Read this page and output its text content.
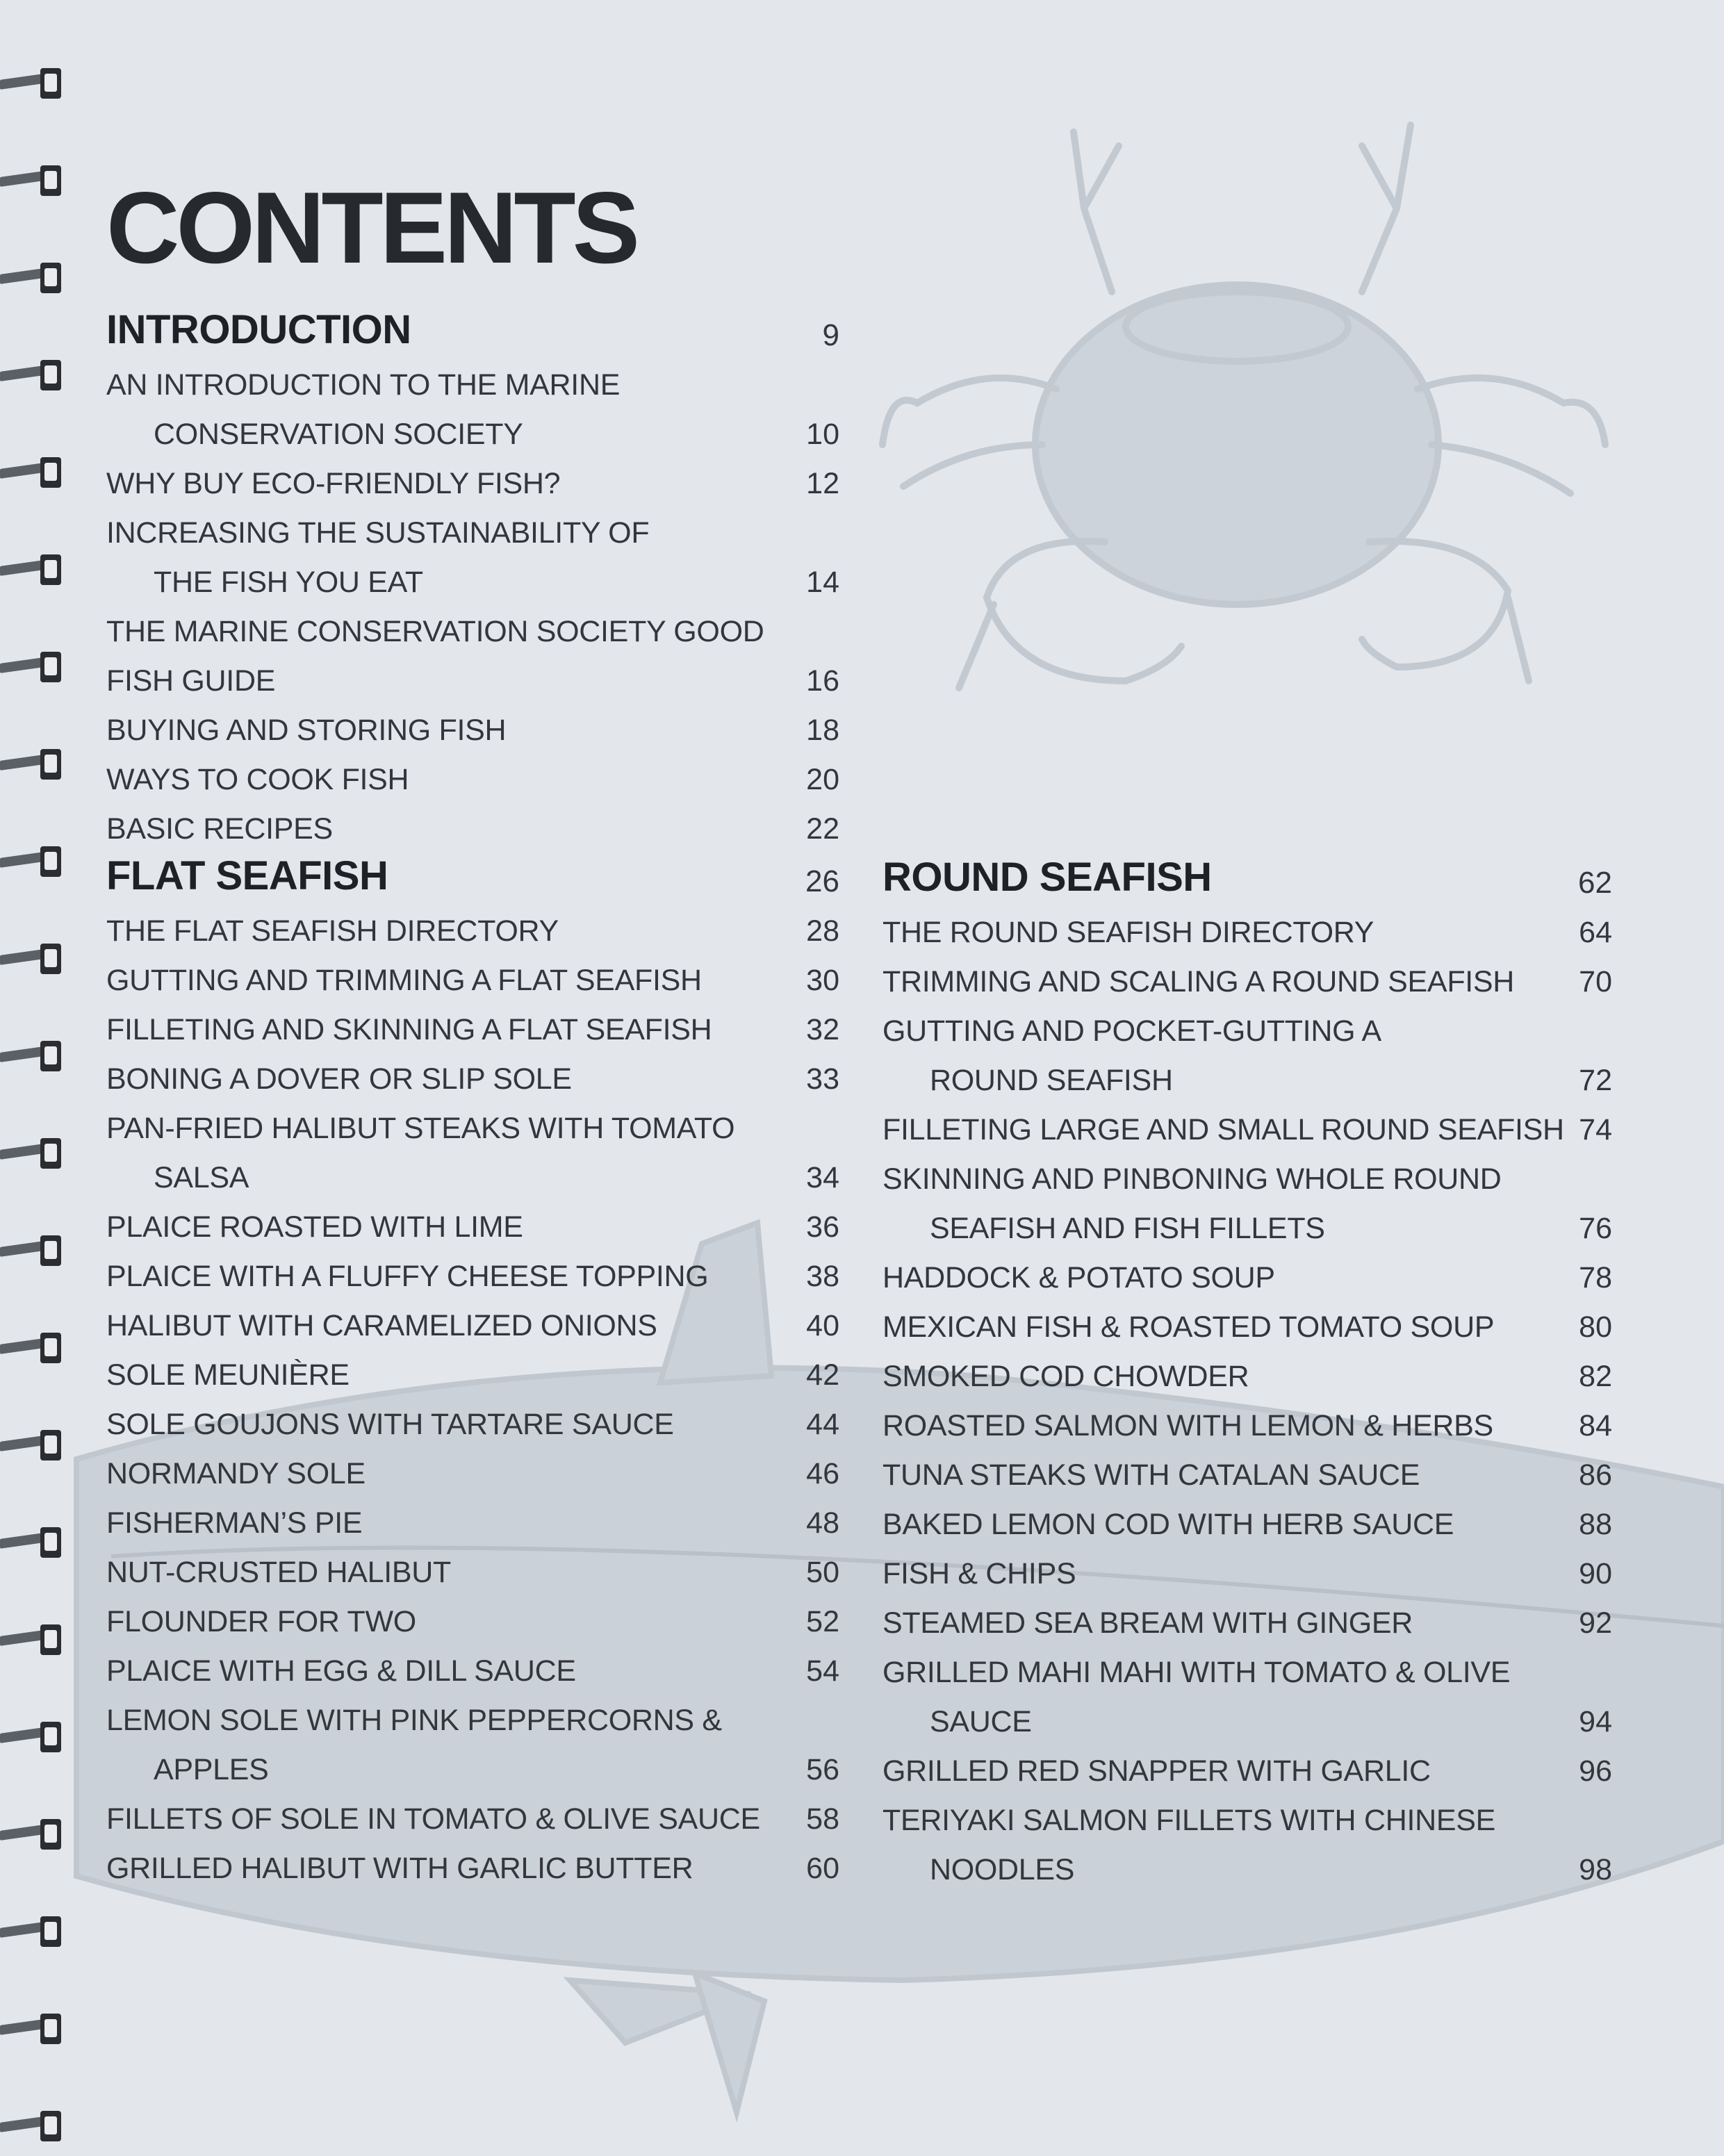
CONTENTS
INTRODUCTION	9
AN INTRODUCTION TO THE MARINE
CONSERVATION SOCIETY	10
WHY BUY ECO-FRIENDLY FISH?	12
INCREASING THE SUSTAINABILITY OF
THE FISH YOU EAT	14
THE MARINE CONSERVATION SOCIETY GOOD
FISH GUIDE	16
BUYING AND STORING FISH	18
WAYS TO COOK FISH	20
BASIC RECIPES	22
FLAT SEAFISH	26
THE FLAT SEAFISH DIRECTORY	28
GUTTING AND TRIMMING A FLAT SEAFISH	30
FILLETING AND SKINNING A FLAT SEAFISH	32
BONING A DOVER OR SLIP SOLE	33
PAN-FRIED HALIBUT STEAKS WITH TOMATO
SALSA	34
PLAICE ROASTED WITH LIME	36
PLAICE WITH A FLUFFY CHEESE TOPPING	38
HALIBUT WITH CARAMELIZED ONIONS	40
SOLE MEUNIÈRE	42
SOLE GOUJONS WITH TARTARE SAUCE	44
NORMANDY SOLE	46
FISHERMAN’S PIE	48
NUT-CRUSTED HALIBUT	50
FLOUNDER FOR TWO	52
PLAICE WITH EGG & DILL SAUCE	54
LEMON SOLE WITH PINK PEPPERCORNS &
APPLES	56
FILLETS OF SOLE IN TOMATO & OLIVE SAUCE 58
GRILLED HALIBUT WITH GARLIC BUTTER	60
ROUND SEAFISH	62
THE ROUND SEAFISH DIRECTORY	64
TRIMMING AND SCALING A ROUND SEAFISH 70
GUTTING AND POCKET-GUTTING A
ROUND SEAFISH	72
FILLETING LARGE AND SMALL ROUND SEAFISH 74
SKINNING AND PINBONING WHOLE ROUND
SEAFISH AND FISH FILLETS	76
HADDOCK & POTATO SOUP	78
MEXICAN FISH & ROASTED TOMATO SOUP	80
SMOKED COD CHOWDER	82
ROASTED SALMON WITH LEMON & HERBS	84
TUNA STEAKS WITH CATALAN SAUCE	86
BAKED LEMON COD WITH HERB SAUCE	88
FISH & CHIPS	90
STEAMED SEA BREAM WITH GINGER	92
GRILLED MAHI MAHI WITH TOMATO & OLIVE
SAUCE	94
GRILLED RED SNAPPER WITH GARLIC	96
TERIYAKI SALMON FILLETS WITH CHINESE
NOODLES	98
